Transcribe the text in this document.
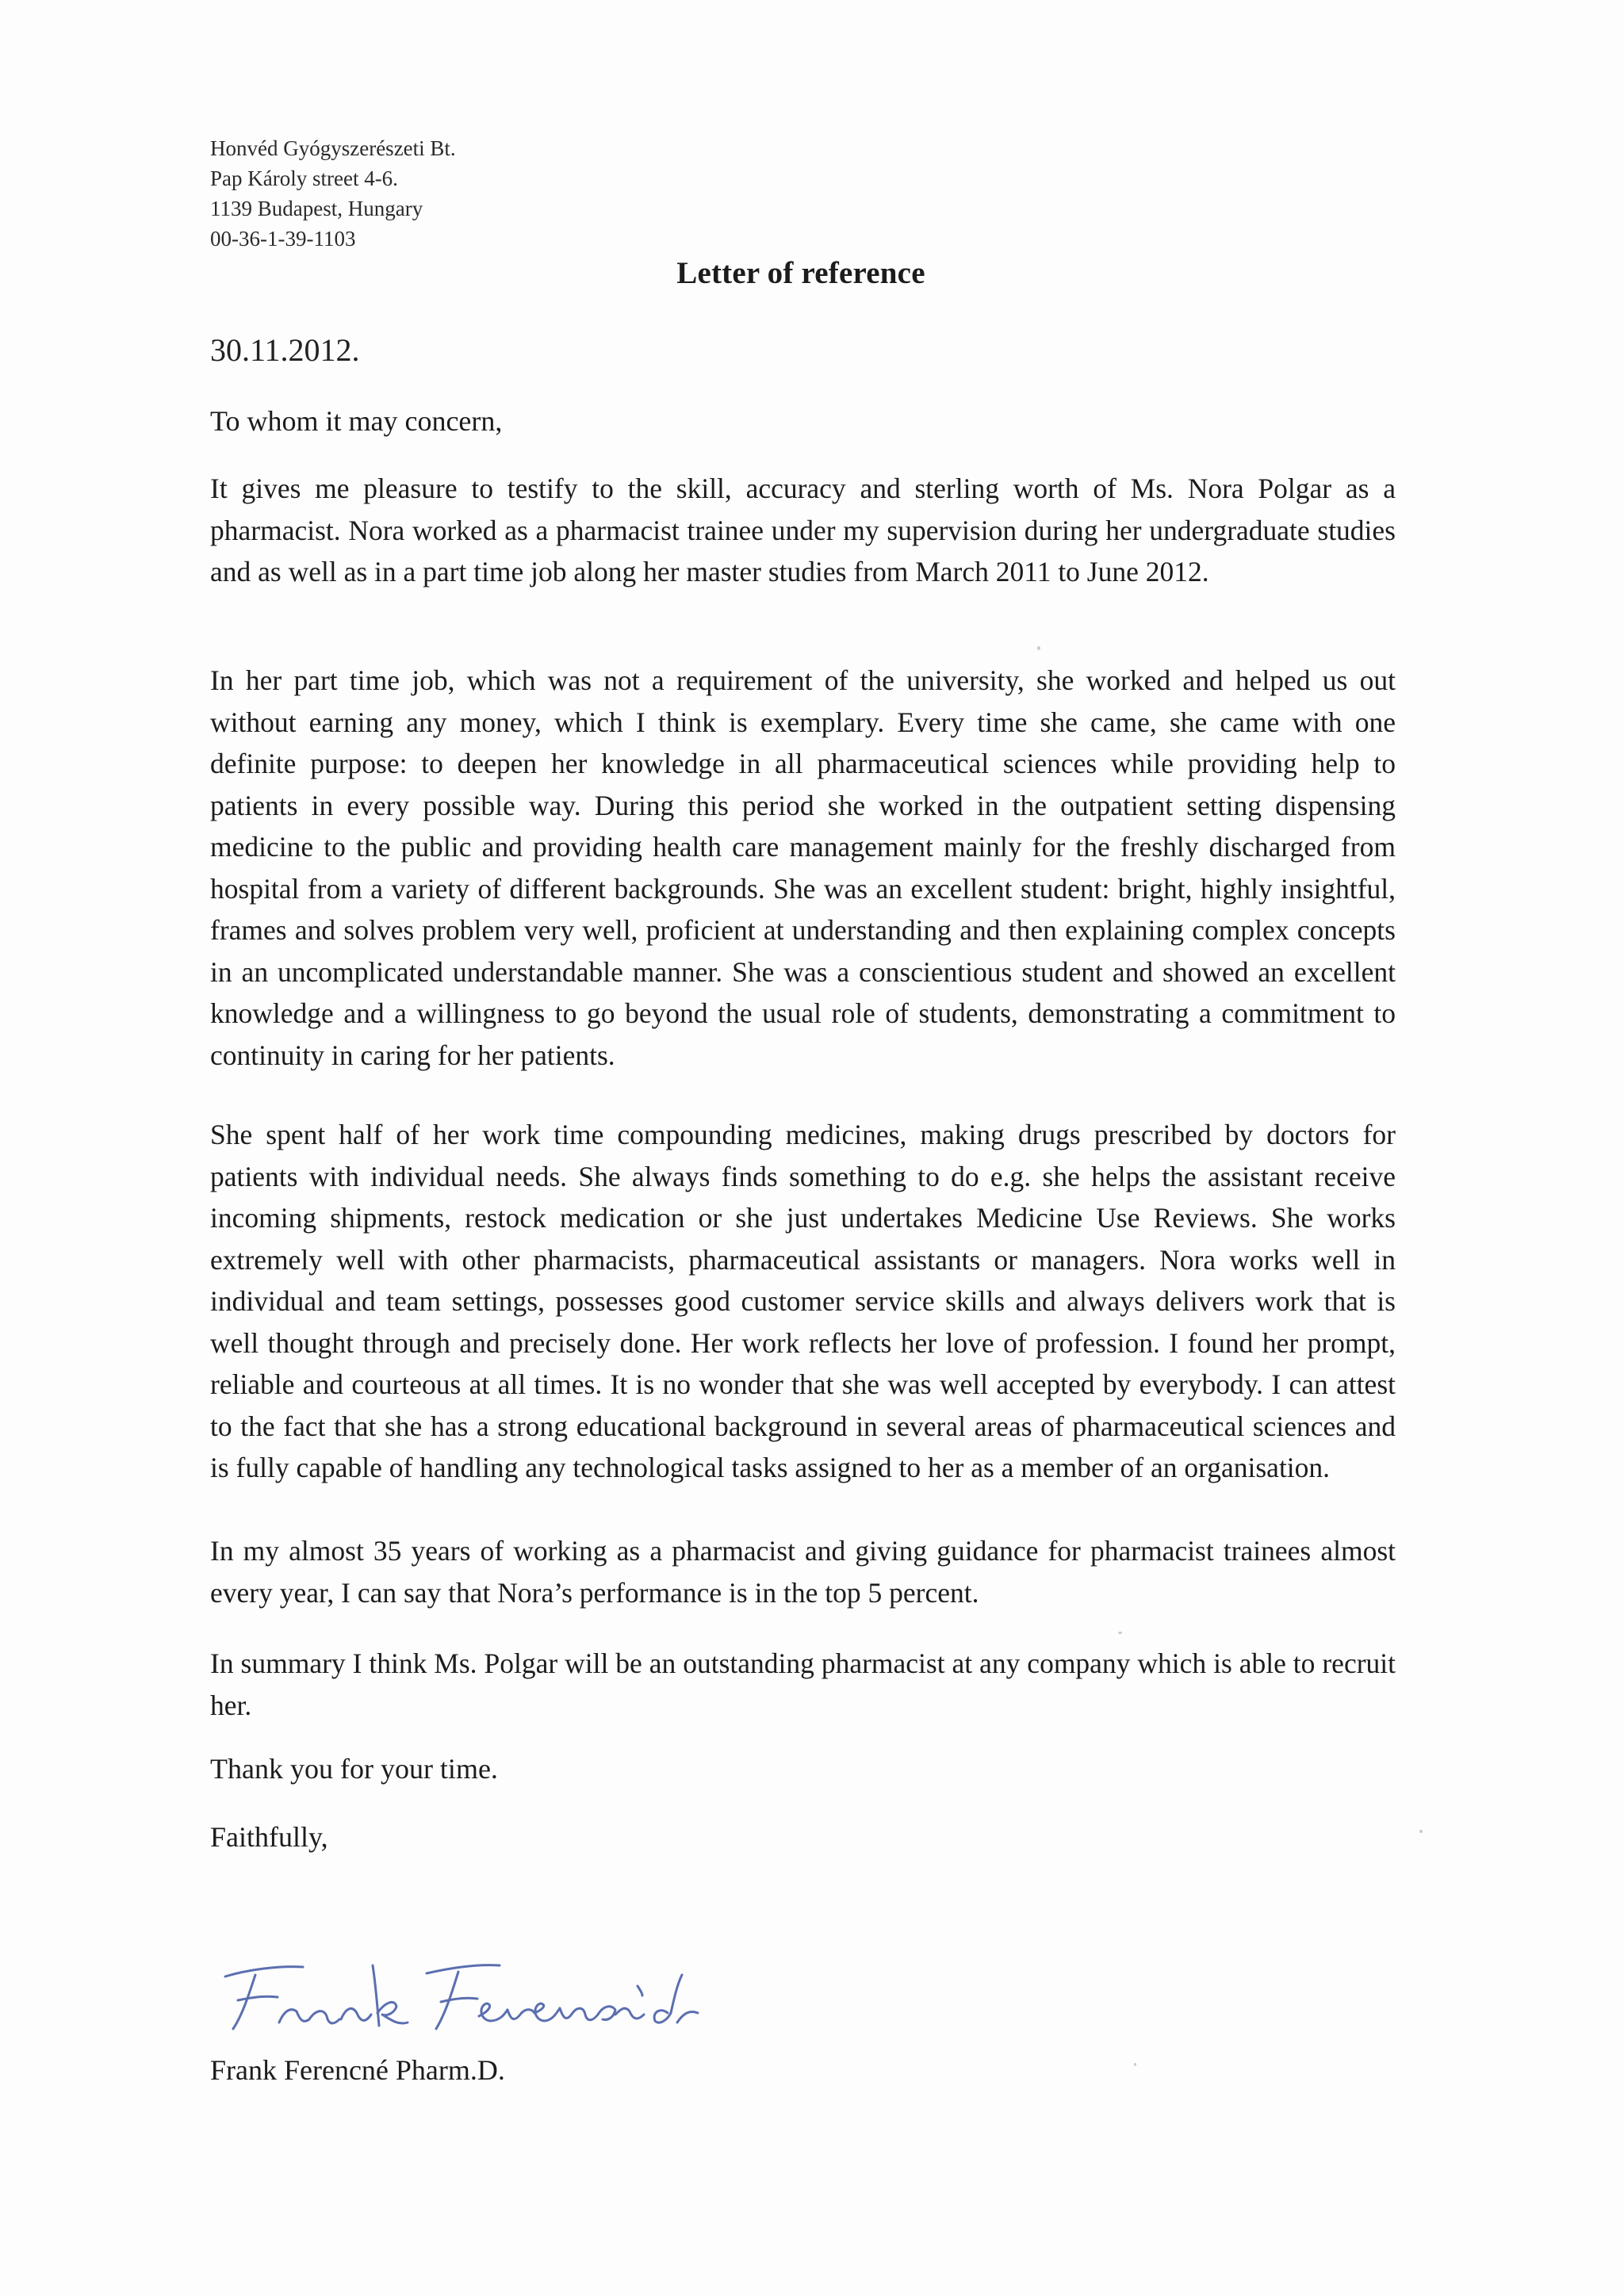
Honvéd Gyógyszerészeti Bt.
Pap Károly street 4-6.
1139 Budapest, Hungary
00-36-1-39-1103
Letter of reference
30.11.2012.
To whom it may concern,
It gives me pleasure to testify to the skill, accuracy and sterling worth of Ms. Nora Polgar as a pharmacist. Nora worked as a pharmacist trainee under my supervision during her undergraduate studies and as well as in a part time job along her master studies from March 2011 to June 2012.
In her part time job, which was not a requirement of the university, she worked and helped us out without earning any money, which I think is exemplary. Every time she came, she came with one definite purpose: to deepen her knowledge in all pharmaceutical sciences while providing help to patients in every possible way. During this period she worked in the outpatient setting dispensing medicine to the public and providing health care management mainly for the freshly discharged from hospital from a variety of different backgrounds. She was an excellent student: bright, highly insightful, frames and solves problem very well, proficient at understanding and then explaining complex concepts in an uncomplicated understandable manner. She was a conscientious student and showed an excellent knowledge and a willingness to go beyond the usual role of students, demonstrating a commitment to continuity in caring for her patients.
She spent half of her work time compounding medicines, making drugs prescribed by doctors for patients with individual needs. She always finds something to do e.g. she helps the assistant receive incoming shipments, restock medication or she just undertakes Medicine Use Reviews. She works extremely well with other pharmacists, pharmaceutical assistants or managers. Nora works well in individual and team settings, possesses good customer service skills and always delivers work that is well thought through and precisely done. Her work reflects her love of profession. I found her prompt, reliable and courteous at all times. It is no wonder that she was well accepted by everybody. I can attest to the fact that she has a strong educational background in several areas of pharmaceutical sciences and is fully capable of handling any technological tasks assigned to her as a member of an organisation.
In my almost 35 years of working as a pharmacist and giving guidance for pharmacist trainees almost every year, I can say that Nora’s performance is in the top 5 percent.
In summary I think Ms. Polgar will be an outstanding pharmacist at any company which is able to recruit her.
Thank you for your time.
Faithfully,
Frank Ferencné Pharm.D.
